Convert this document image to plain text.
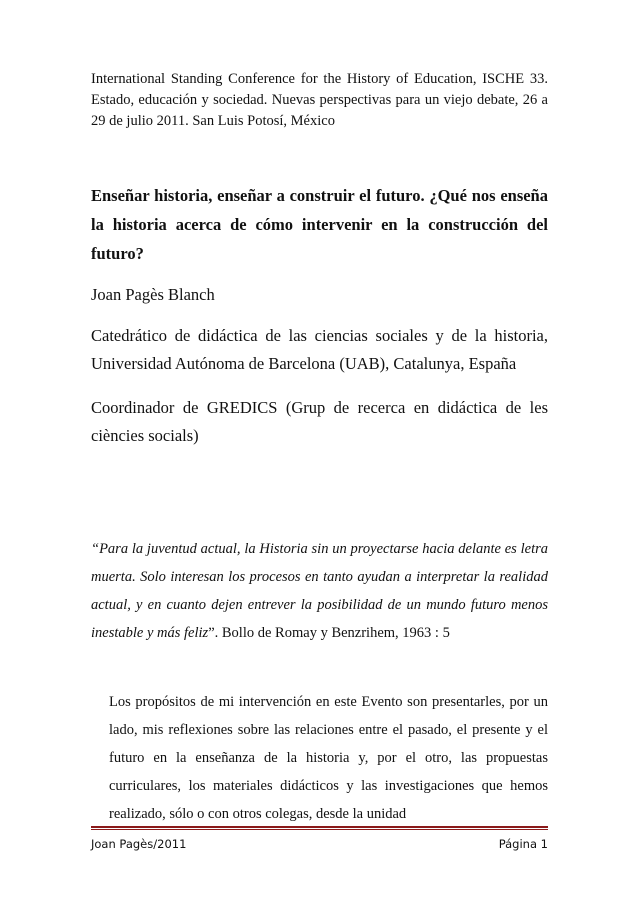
International Standing Conference for the History of Education, ISCHE 33. Estado, educación y sociedad. Nuevas perspectivas para un viejo debate, 26 a 29 de julio 2011. San Luis Potosí, México
Enseñar historia, enseñar a construir el futuro. ¿Qué nos enseña la historia acerca de cómo intervenir en la construcción del futuro?
Joan Pagès Blanch
Catedrático de didáctica de las ciencias sociales y de la historia, Universidad Autónoma de Barcelona (UAB), Catalunya, España
Coordinador de GREDICS (Grup de recerca en didáctica de les ciències socials)
“Para la juventud actual, la Historia sin un proyectarse hacia delante es letra muerta. Solo interesan los procesos en tanto ayudan a interpretar la realidad actual, y en cuanto dejen entrever la posibilidad de un mundo futuro menos inestable y más feliz”. Bollo de Romay y Benzrihem, 1963 : 5
Los propósitos de mi intervención en este Evento son presentarles, por un lado, mis reflexiones sobre las relaciones entre el pasado, el presente y el futuro en la enseñanza de la historia y, por el otro, las propuestas curriculares, los materiales didácticos y las investigaciones que hemos realizado, sólo o con otros colegas, desde la unidad
Joan Pagès/2011	Página 1
